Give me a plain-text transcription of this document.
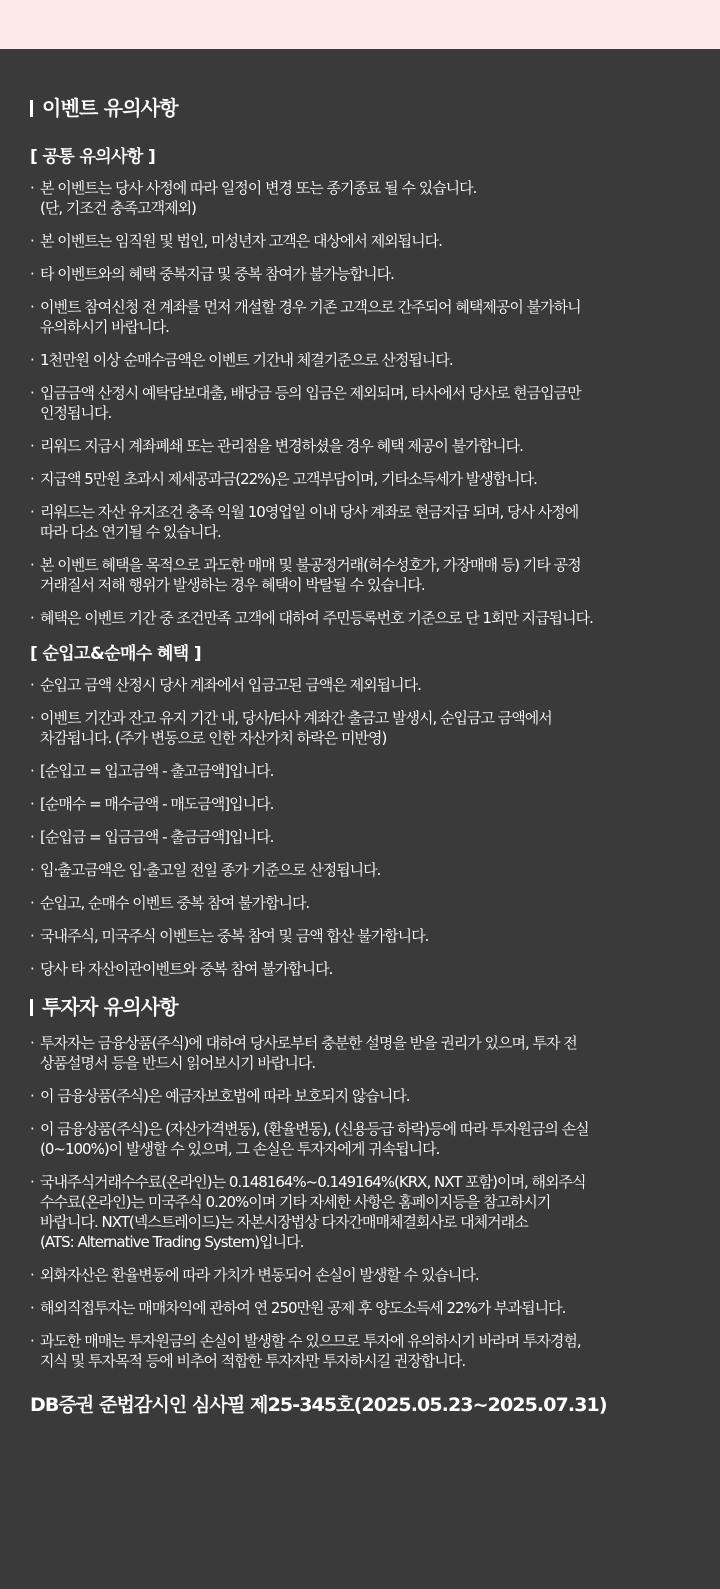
이벤트 유의사항
[ 공통 유의사항 ]
· 본 이벤트는 당사 사정에 따라 일정이 변경 또는 종기종료 될 수 있습니다.
(단, 기조건 충족고객제외)
· 본 이벤트는 임직원 및 법인, 미성년자 고객은 대상에서 제외됩니다.
· 타 이벤트와의 혜택 중복지급 및 중복 참여가 불가능합니다.
· 이벤트 참여신청 전 계좌를 먼저 개설할 경우 기존 고객으로 간주되어 혜택제공이 불가하니
유의하시기 바랍니다.
· 1천만원 이상 순매수금액은 이벤트 기간내 체결기준으로 산정됩니다.
· 입금금액 산정시 예탁담보대출, 배당금 등의 입금은 제외되며, 타사에서 당사로 현금입금만
인정됩니다.
· 리워드 지급시 계좌폐쇄 또는 관리점을 변경하셨을 경우 혜택 제공이 불가합니다.
· 지급액 5만원 초과시 제세공과금(22%)은 고객부담이며, 기타소득세가 발생합니다.
· 리워드는 자산 유지조건 충족 익월 10영업일 이내 당사 계좌로 현금지급 되며, 당사 사정에
따라 다소 연기될 수 있습니다.
· 본 이벤트 혜택을 목적으로 과도한 매매 및 불공정거래(허수성호가, 가장매매 등) 기타 공정
거래질서 저해 행위가 발생하는 경우 혜택이 박탈될 수 있습니다.
· 혜택은 이벤트 기간 중 조건만족 고객에 대하여 주민등록번호 기준으로 단 1회만 지급됩니다.
[ 순입고&순매수 혜택 ]
· 순입고 금액 산정시 당사 계좌에서 입금고된 금액은 제외됩니다.
· 이벤트 기간과 잔고 유지 기간 내, 당사/타사 계좌간 출금고 발생시, 순입금고 금액에서
차감됩니다. (주가 변동으로 인한 자산가치 하락은 미반영)
· [순입고 = 입고금액 - 출고금액]입니다.
· [순매수 = 매수금액 - 매도금액]입니다.
· [순입금 = 입금금액 - 출금금액]입니다.
· 입·출고금액은 입·출고일 전일 종가 기준으로 산정됩니다.
· 순입고, 순매수 이벤트 중복 참여 불가합니다.
· 국내주식, 미국주식 이벤트는 중복 참여 및 금액 합산 불가합니다.
· 당사 타 자산이관이벤트와 중복 참여 불가합니다.
투자자 유의사항
· 투자자는 금융상품(주식)에 대하여 당사로부터 충분한 설명을 받을 권리가 있으며, 투자 전
상품설명서 등을 반드시 읽어보시기 바랍니다.
· 이 금융상품(주식)은 예금자보호법에 따라 보호되지 않습니다.
· 이 금융상품(주식)은 (자산가격변동), (환율변동), (신용등급 하락)등에 따라 투자원금의 손실
(0~100%)이 발생할 수 있으며, 그 손실은 투자자에게 귀속됩니다.
· 국내주식거래수수료(온라인)는 0.148164%~0.149164%(KRX, NXT 포함)이며, 해외주식
수수료(온라인)는 미국주식 0.20%이며 기타 자세한 사항은 홈페이지등을 참고하시기
바랍니다. NXT(넥스트레이드)는 자본시장법상 다자간매매체결회사로 대체거래소
(ATS: Alternative Trading System)입니다.
· 외화자산은 환율변동에 따라 가치가 변동되어 손실이 발생할 수 있습니다.
· 해외직접투자는 매매차익에 관하여 연 250만원 공제 후 양도소득세 22%가 부과됩니다.
· 과도한 매매는 투자원금의 손실이 발생할 수 있으므로 투자에 유의하시기 바라며 투자경험,
지식 및 투자목적 등에 비추어 적합한 투자자만 투자하시길 권장합니다.
DB증권 준법감시인 심사필 제25-345호(2025.05.23~2025.07.31)
